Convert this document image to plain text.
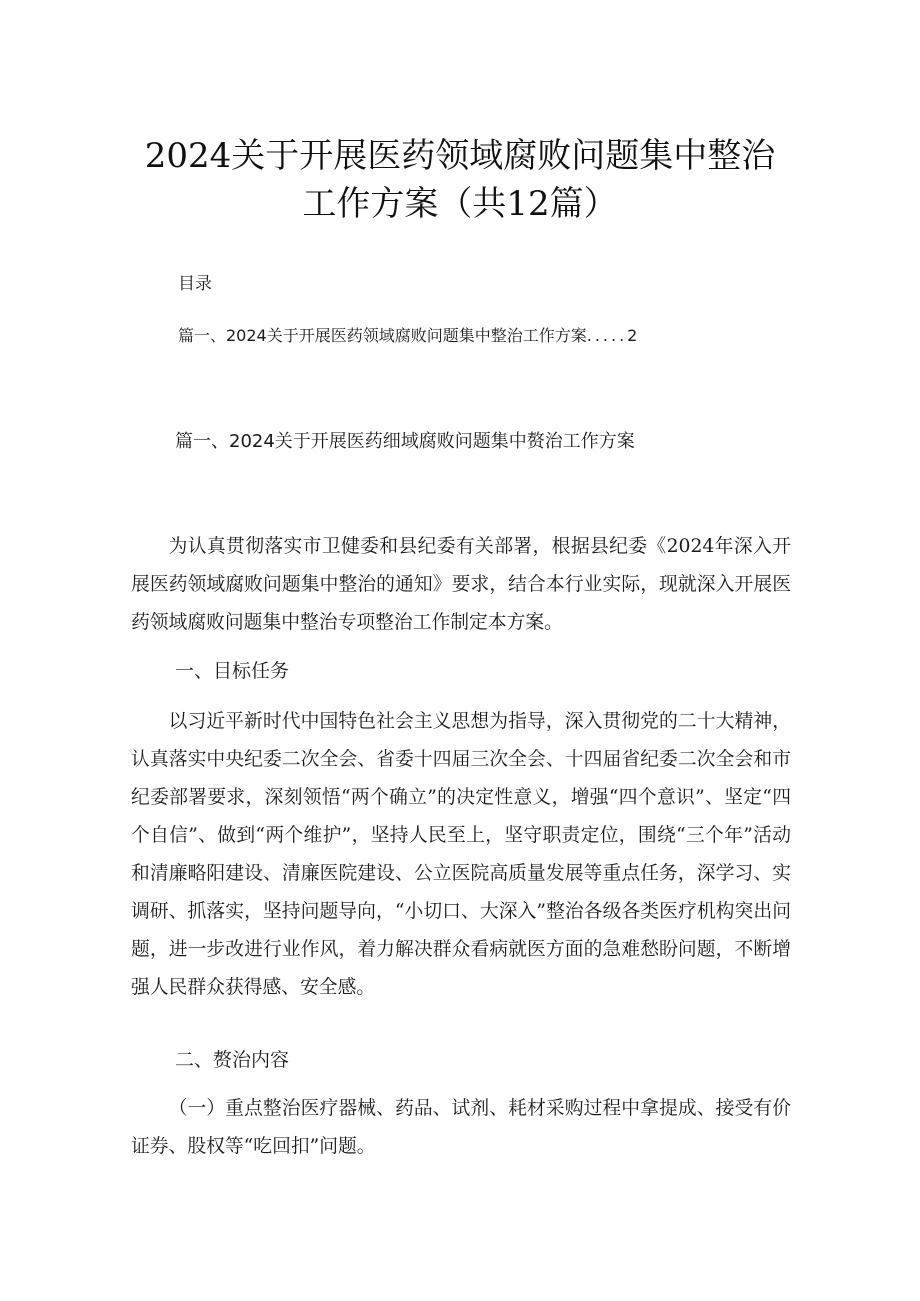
2024关于开展医药领域腐败问题集中整治
工作方案（共12篇）
目录
篇一、2024关于开展医药领域腐败问题集中整治工作方案.....2
篇一、2024关于开展医药细域腐败问题集中赘治工作方案

为认真贯彻落实市卫健委和县纪委有关部署，根据县纪委《2024年深入开展医药领域腐败问题集中整治的通知》要求，结合本行业实际，现就深入开展医药领域腐败问题集中整治专项整治工作制定本方案。

一、目标任务

以习近平新时代中国特色社会主义思想为指导，深入贯彻党的二十大精神，认真落实中央纪委二次全会、省委十四届三次全会、十四届省纪委二次全会和市纪委部署要求，深刻领悟“两个确立”的决定性意义，增强“四个意识”、坚定“四个自信”、做到“两个维护”，坚持人民至上，坚守职责定位，围绕“三个年”活动和清廉略阳建设、清廉医院建设、公立医院高质量发展等重点任务，深学习、实调研、抓落实，坚持问题导向，“小切口、大深入”整治各级各类医疗机构突出问题，进一步改进行业作风，着力解决群众看病就医方面的急难愁盼问题，不断增强人民群众获得感、安全感。

二、赘治内容

（一）重点整治医疗器械、药品、试剂、耗材采购过程中拿提成、接受有价证券、股权等“吃回扣”问题。
